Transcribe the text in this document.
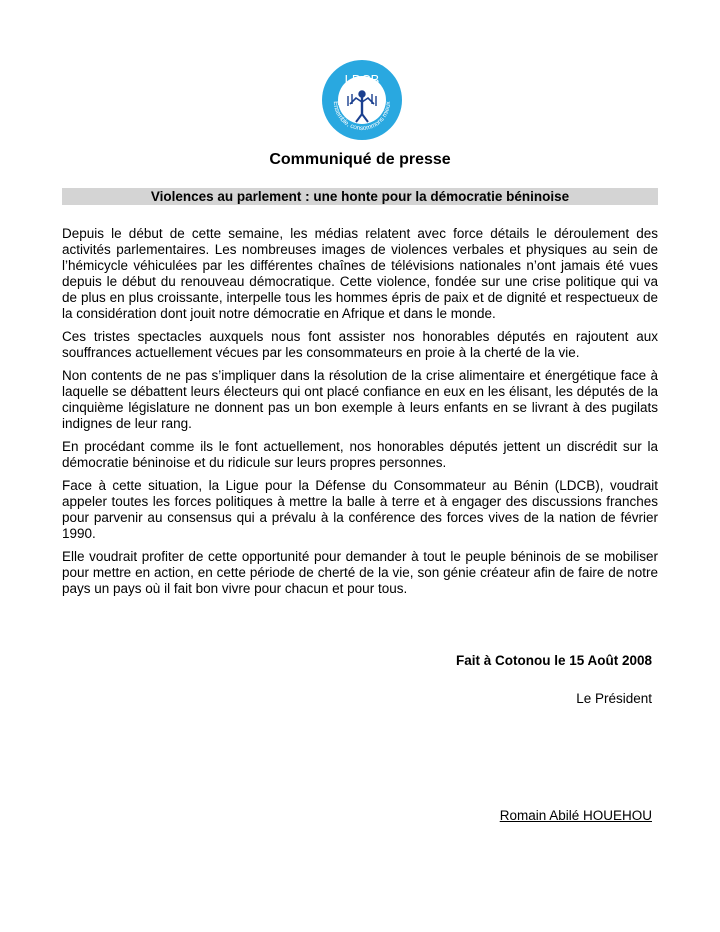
LDCB
Ensemble, consommons mieux
Communiqué de presse
Violences au parlement : une honte pour la démocratie béninoise

Depuis le début de cette semaine, les médias relatent avec force détails le déroulement des activités parlementaires. Les nombreuses images de violences verbales et physiques au sein de l’hémicycle véhiculées par les différentes chaînes de télévisions nationales n’ont jamais été vues depuis le début du renouveau démocratique. Cette violence, fondée sur une crise politique qui va de plus en plus croissante, interpelle tous les hommes épris de paix et de dignité et respectueux de la considération dont jouit notre démocratie en Afrique et dans le monde.

Ces tristes spectacles auxquels nous font assister nos honorables députés en rajoutent aux souffrances actuellement vécues par les consommateurs en proie à la cherté de la vie.

Non contents de ne pas s’impliquer dans la résolution de la crise alimentaire et énergétique face à laquelle se débattent leurs électeurs qui ont placé confiance en eux en les élisant, les députés de la cinquième législature ne donnent pas un bon exemple à leurs enfants en se livrant à des pugilats indignes de leur rang.

En procédant comme ils le font actuellement, nos honorables députés jettent un discrédit sur la démocratie béninoise et du ridicule sur leurs propres personnes.

Face à cette situation, la Ligue pour la Défense du Consommateur au Bénin (LDCB), voudrait appeler toutes les forces politiques à mettre la balle à terre et à engager des discussions franches pour parvenir au consensus qui a prévalu à la conférence des forces vives de la nation de février 1990.

Elle voudrait profiter de cette opportunité pour demander à tout le peuple béninois de se mobiliser pour mettre en action, en cette période de cherté de la vie, son génie créateur afin de faire de notre pays un pays où il fait bon vivre pour chacun et pour tous.

Fait à Cotonou le 15 Août 2008
Le Président
Romain Abilé HOUEHOU
